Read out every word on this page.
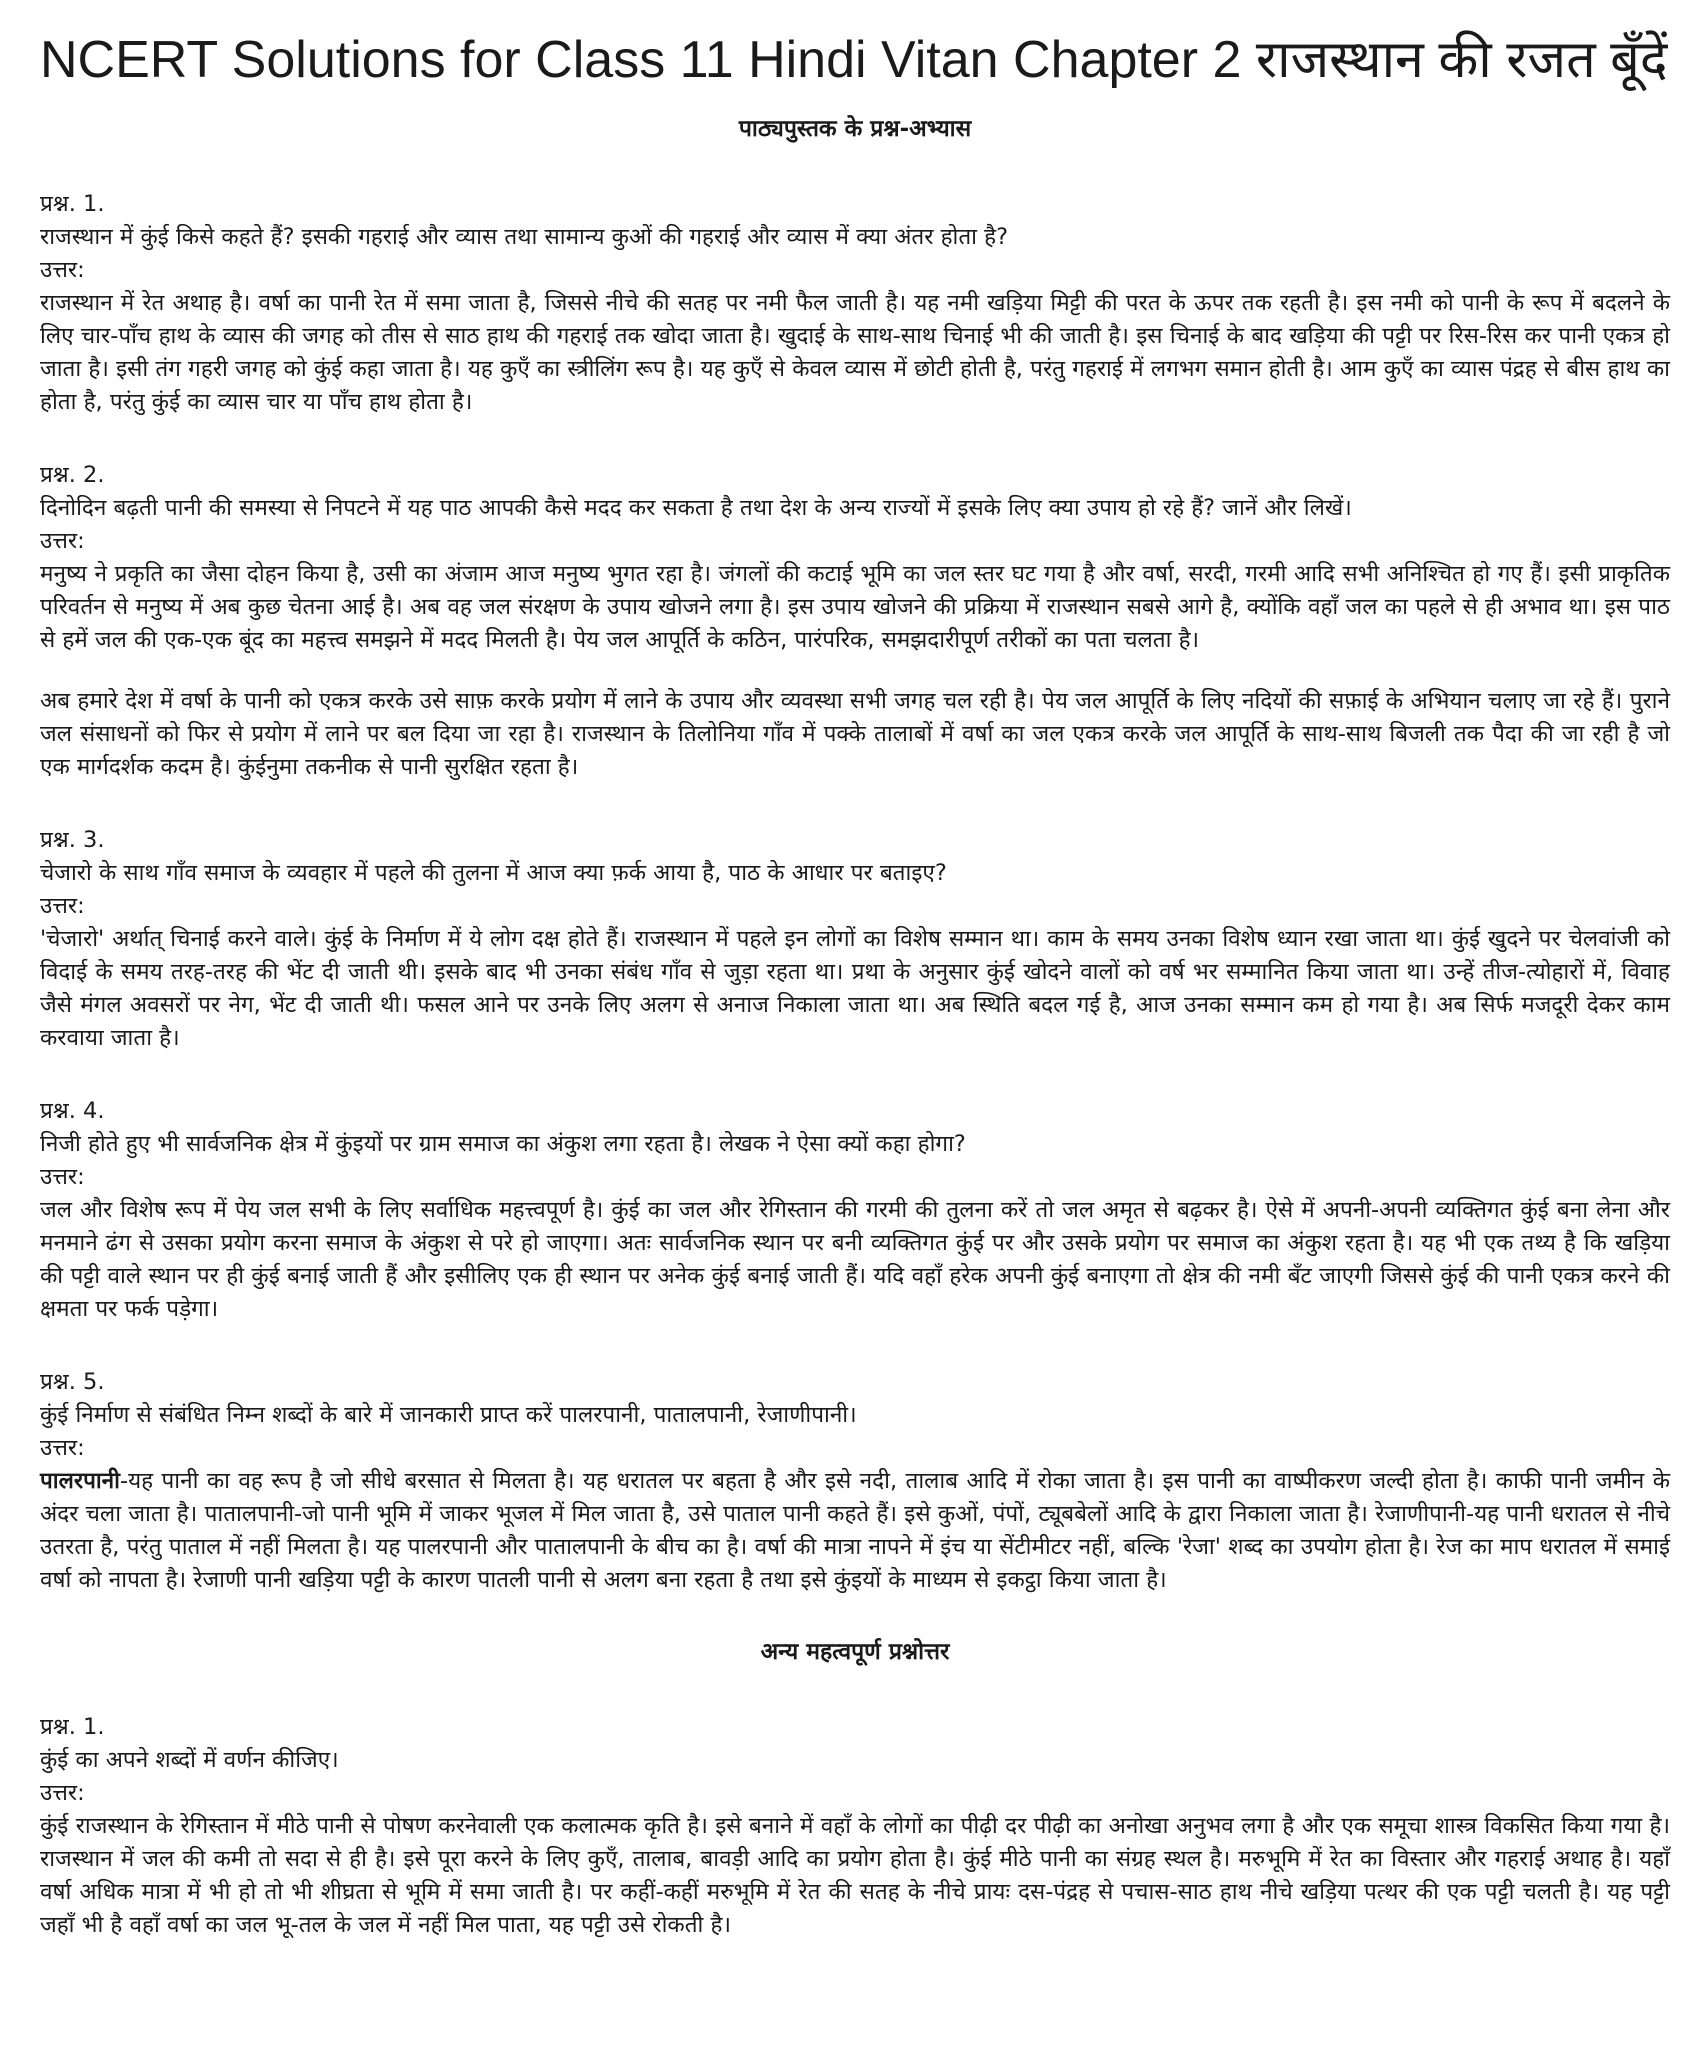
NCERT Solutions for Class 11 Hindi Vitan Chapter 2 राजस्थान की रजत बूँदें
पाठ्यपुस्तक के प्रश्न-अभ्यास

प्रश्न. 1.

राजस्थान में कुंई किसे कहते हैं? इसकी गहराई और व्यास तथा सामान्य कुओं की गहराई और व्यास में क्या अंतर होता है?

उत्तर:

राजस्थान में रेत अथाह है। वर्षा का पानी रेत में समा जाता है, जिससे नीचे की सतह पर नमी फैल जाती है। यह नमी खड़िया मिट्टी की परत के ऊपर तक रहती है। इस नमी को पानी के रूप में बदलने के लिए चार-पाँच हाथ के व्यास की जगह को तीस से साठ हाथ की गहराई तक खोदा जाता है। खुदाई के साथ-साथ चिनाई भी की जाती है। इस चिनाई के बाद खड़िया की पट्टी पर रिस-रिस कर पानी एकत्र हो जाता है। इसी तंग गहरी जगह को कुंई कहा जाता है। यह कुएँ का स्त्रीलिंग रूप है। यह कुएँ से केवल व्यास में छोटी होती है, परंतु गहराई में लगभग समान होती है। आम कुएँ का व्यास पंद्रह से बीस हाथ का होता है, परंतु कुंई का व्यास चार या पाँच हाथ होता है।

प्रश्न. 2.

दिनोदिन बढ़ती पानी की समस्या से निपटने में यह पाठ आपकी कैसे मदद कर सकता है तथा देश के अन्य राज्यों में इसके लिए क्या उपाय हो रहे हैं? जानें और लिखें।

उत्तर:

मनुष्य ने प्रकृति का जैसा दोहन किया है, उसी का अंजाम आज मनुष्य भुगत रहा है। जंगलों की कटाई भूमि का जल स्तर घट गया है और वर्षा, सरदी, गरमी आदि सभी अनिश्चित हो गए हैं। इसी प्राकृतिक परिवर्तन से मनुष्य में अब कुछ चेतना आई है। अब वह जल संरक्षण के उपाय खोजने लगा है। इस उपाय खोजने की प्रक्रिया में राजस्थान सबसे आगे है, क्योंकि वहाँ जल का पहले से ही अभाव था। इस पाठ से हमें जल की एक-एक बूंद का महत्त्व समझने में मदद मिलती है। पेय जल आपूर्ति के कठिन, पारंपरिक, समझदारीपूर्ण तरीकों का पता चलता है।

अब हमारे देश में वर्षा के पानी को एकत्र करके उसे साफ़ करके प्रयोग में लाने के उपाय और व्यवस्था सभी जगह चल रही है। पेय जल आपूर्ति के लिए नदियों की सफ़ाई के अभियान चलाए जा रहे हैं। पुराने जल संसाधनों को फिर से प्रयोग में लाने पर बल दिया जा रहा है। राजस्थान के तिलोनिया गाँव में पक्के तालाबों में वर्षा का जल एकत्र करके जल आपूर्ति के साथ-साथ बिजली तक पैदा की जा रही है जो एक मार्गदर्शक कदम है। कुंईनुमा तकनीक से पानी सुरक्षित रहता है।

प्रश्न. 3.

चेजारो के साथ गाँव समाज के व्यवहार में पहले की तुलना में आज क्या फ़र्क आया है, पाठ के आधार पर बताइए?

उत्तर:

'चेजारो' अर्थात् चिनाई करने वाले। कुंई के निर्माण में ये लोग दक्ष होते हैं। राजस्थान में पहले इन लोगों का विशेष सम्मान था। काम के समय उनका विशेष ध्यान रखा जाता था। कुंई खुदने पर चेलवांजी को विदाई के समय तरह-तरह की भेंट दी जाती थी। इसके बाद भी उनका संबंध गाँव से जुड़ा रहता था। प्रथा के अनुसार कुंई खोदने वालों को वर्ष भर सम्मानित किया जाता था। उन्हें तीज-त्योहारों में, विवाह जैसे मंगल अवसरों पर नेग, भेंट दी जाती थी। फसल आने पर उनके लिए अलग से अनाज निकाला जाता था। अब स्थिति बदल गई है, आज उनका सम्मान कम हो गया है। अब सिर्फ मजदूरी देकर काम करवाया जाता है।

प्रश्न. 4.

निजी होते हुए भी सार्वजनिक क्षेत्र में कुंइयों पर ग्राम समाज का अंकुश लगा रहता है। लेखक ने ऐसा क्यों कहा होगा?

उत्तर:

जल और विशेष रूप में पेय जल सभी के लिए सर्वाधिक महत्त्वपूर्ण है। कुंई का जल और रेगिस्तान की गरमी की तुलना करें तो जल अमृत से बढ़कर है। ऐसे में अपनी-अपनी व्यक्तिगत कुंई बना लेना और मनमाने ढंग से उसका प्रयोग करना समाज के अंकुश से परे हो जाएगा। अतः सार्वजनिक स्थान पर बनी व्यक्तिगत कुंई पर और उसके प्रयोग पर समाज का अंकुश रहता है। यह भी एक तथ्य है कि खड़िया की पट्टी वाले स्थान पर ही कुंई बनाई जाती हैं और इसीलिए एक ही स्थान पर अनेक कुंई बनाई जाती हैं। यदि वहाँ हरेक अपनी कुंई बनाएगा तो क्षेत्र की नमी बँट जाएगी जिससे कुंई की पानी एकत्र करने की क्षमता पर फर्क पड़ेगा।

प्रश्न. 5.

कुंई निर्माण से संबंधित निम्न शब्दों के बारे में जानकारी प्राप्त करें पालरपानी, पातालपानी, रेजाणीपानी।

उत्तर:

पालरपानी-यह पानी का वह रूप है जो सीधे बरसात से मिलता है। यह धरातल पर बहता है और इसे नदी, तालाब आदि में रोका जाता है। इस पानी का वाष्पीकरण जल्दी होता है। काफी पानी जमीन के अंदर चला जाता है। पातालपानी-जो पानी भूमि में जाकर भूजल में मिल जाता है, उसे पाताल पानी कहते हैं। इसे कुओं, पंपों, ट्यूबबेलों आदि के द्वारा निकाला जाता है। रेजाणीपानी-यह पानी धरातल से नीचे उतरता है, परंतु पाताल में नहीं मिलता है। यह पालरपानी और पातालपानी के बीच का है। वर्षा की मात्रा नापने में इंच या सेंटीमीटर नहीं, बल्कि 'रेजा' शब्द का उपयोग होता है। रेज का माप धरातल में समाई वर्षा को नापता है। रेजाणी पानी खड़िया पट्टी के कारण पातली पानी से अलग बना रहता है तथा इसे कुंइयों के माध्यम से इकट्ठा किया जाता है।

अन्य महत्वपूर्ण प्रश्नोत्तर

प्रश्न. 1.

कुंई का अपने शब्दों में वर्णन कीजिए।

उत्तर:

कुंई राजस्थान के रेगिस्तान में मीठे पानी से पोषण करनेवाली एक कलात्मक कृति है। इसे बनाने में वहाँ के लोगों का पीढ़ी दर पीढ़ी का अनोखा अनुभव लगा है और एक समूचा शास्त्र विकसित किया गया है। राजस्थान में जल की कमी तो सदा से ही है। इसे पूरा करने के लिए कुएँ, तालाब, बावड़ी आदि का प्रयोग होता है। कुंई मीठे पानी का संग्रह स्थल है। मरुभूमि में रेत का विस्तार और गहराई अथाह है। यहाँ वर्षा अधिक मात्रा में भी हो तो भी शीघ्रता से भूमि में समा जाती है। पर कहीं-कहीं मरुभूमि में रेत की सतह के नीचे प्रायः दस-पंद्रह से पचास-साठ हाथ नीचे खड़िया पत्थर की एक पट्टी चलती है। यह पट्टी जहाँ भी है वहाँ वर्षा का जल भू-तल के जल में नहीं मिल पाता, यह पट्टी उसे रोकती है।
